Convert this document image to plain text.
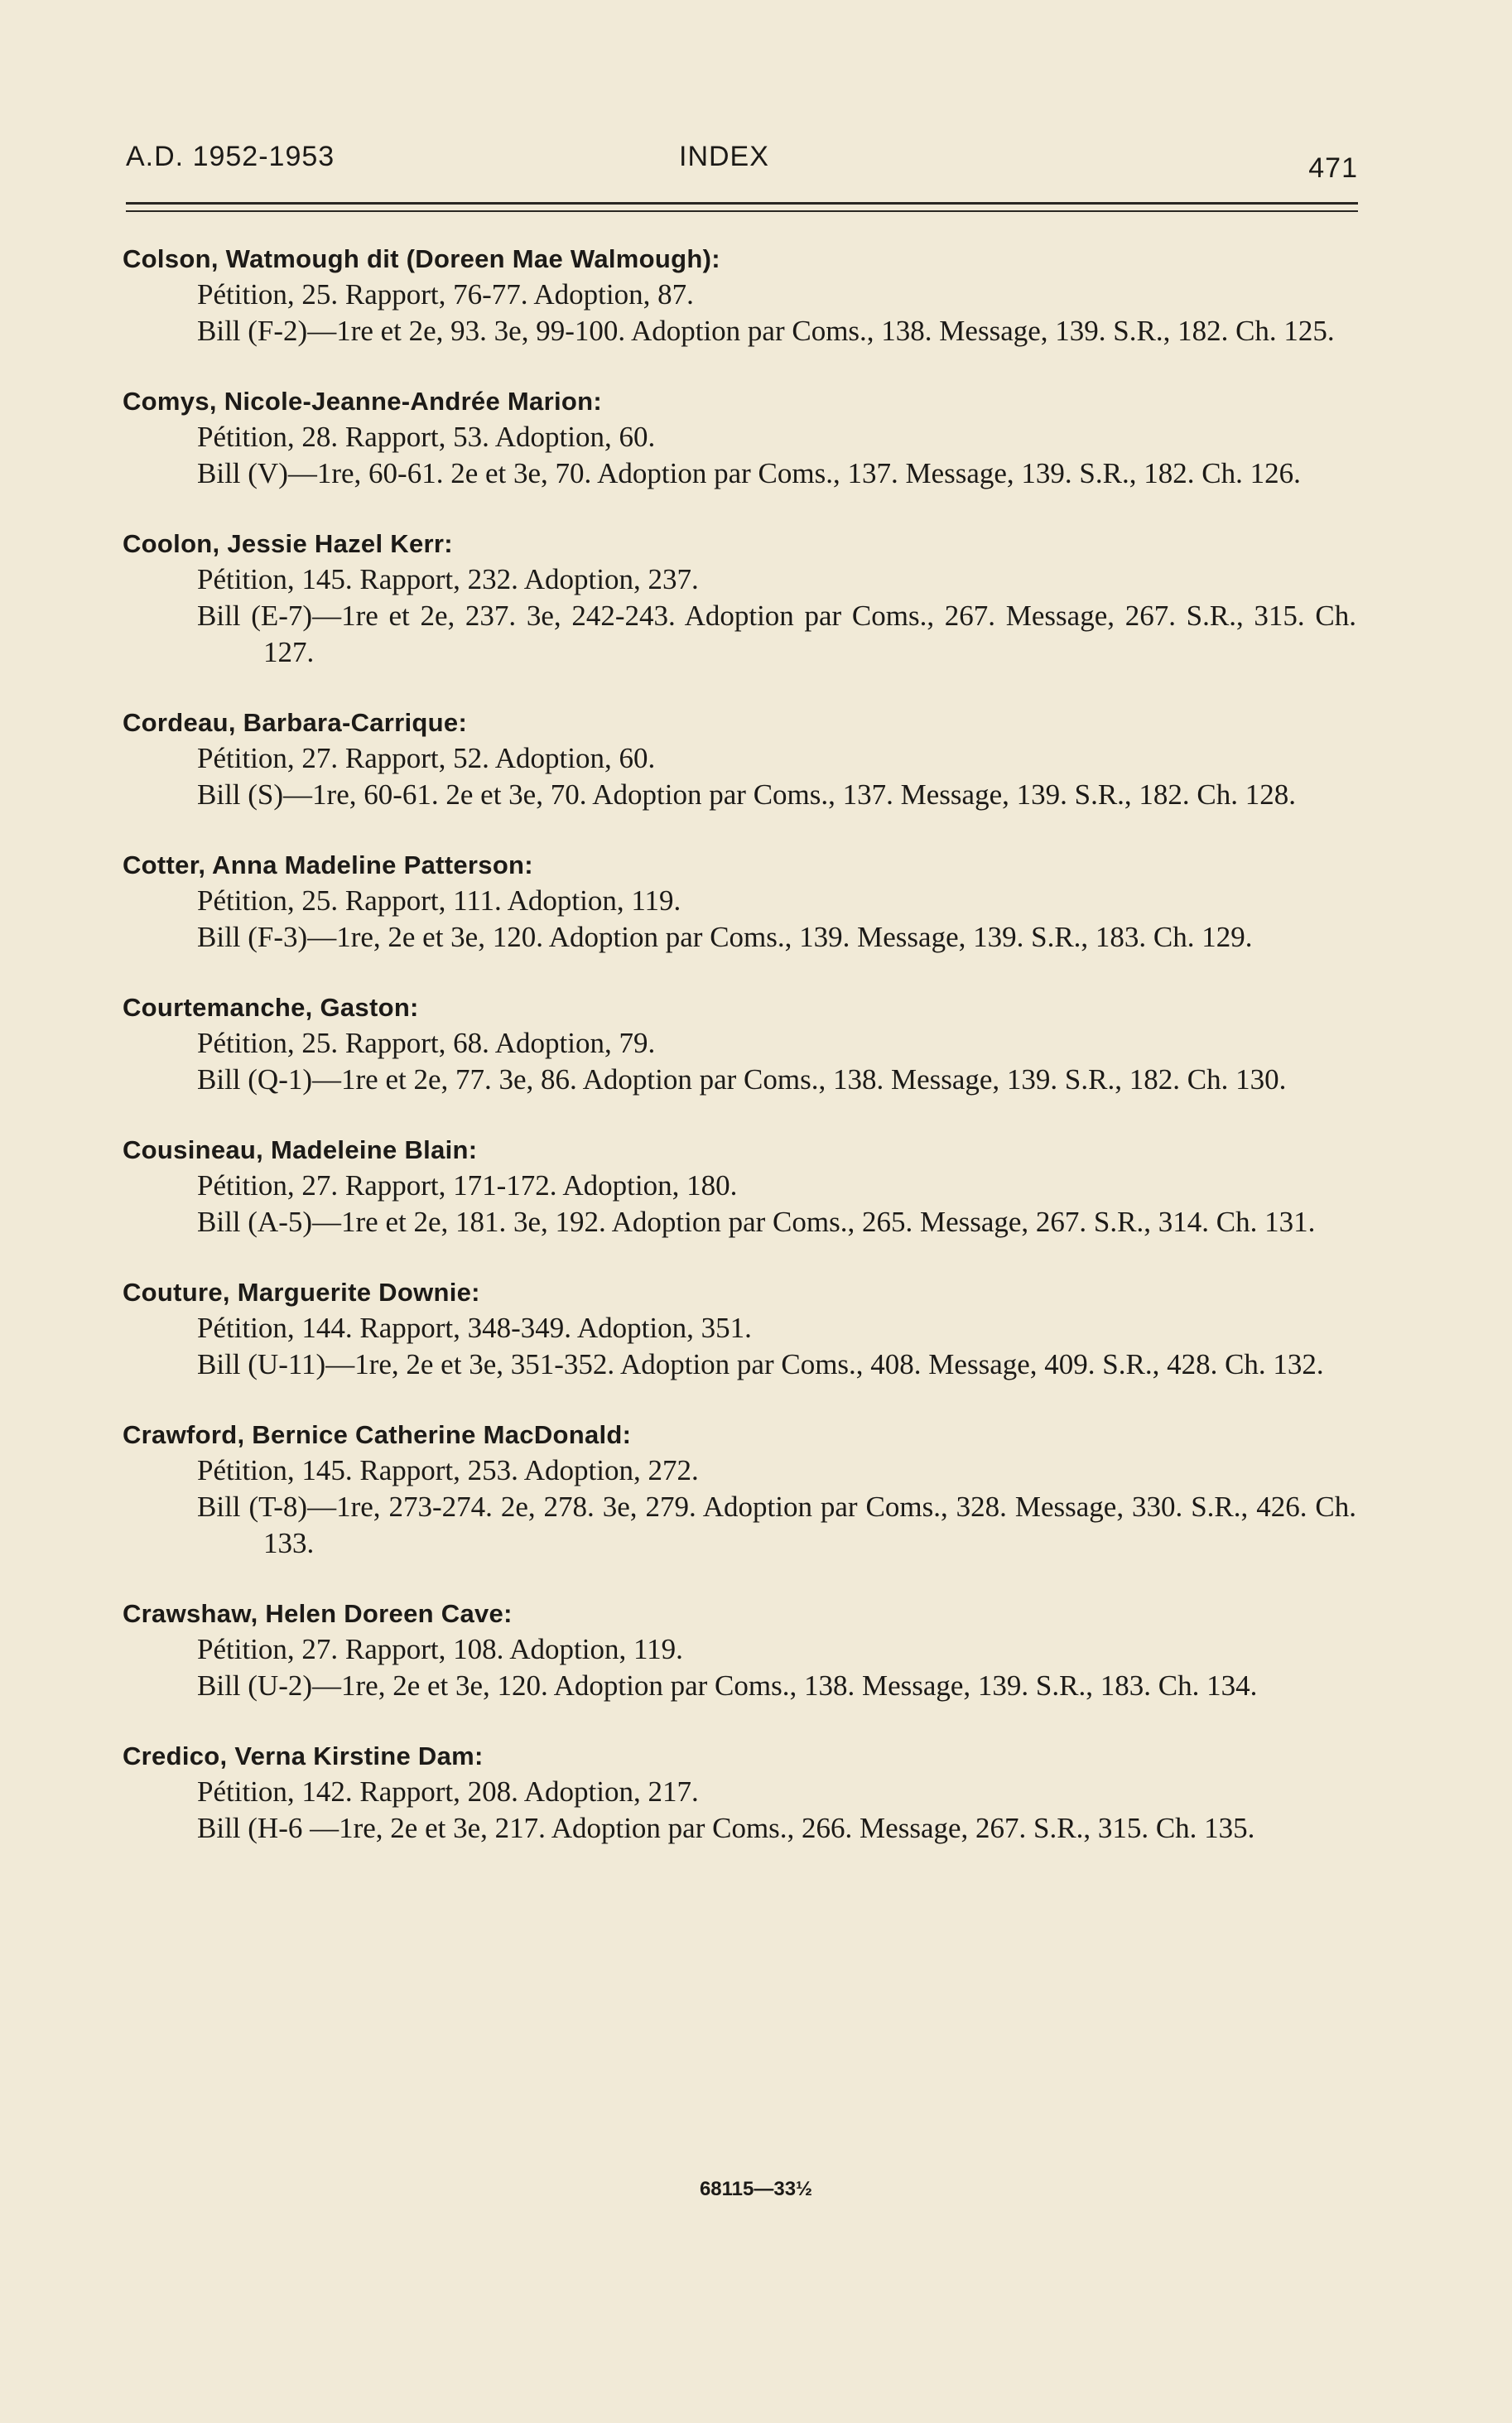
A.D. 1952-1953	INDEX	471
Colson, Watmough dit (Doreen Mae Walmough):
Pétition, 25. Rapport, 76-77. Adoption, 87.
Bill (F-2)—1re et 2e, 93. 3e, 99-100. Adoption par Coms., 138. Message, 139. S.R., 182. Ch. 125.
Comys, Nicole-Jeanne-Andrée Marion:
Pétition, 28. Rapport, 53. Adoption, 60.
Bill (V)—1re, 60-61. 2e et 3e, 70. Adoption par Coms., 137. Message, 139. S.R., 182. Ch. 126.
Coolon, Jessie Hazel Kerr:
Pétition, 145. Rapport, 232. Adoption, 237.
Bill (E-7)—1re et 2e, 237. 3e, 242-243. Adoption par Coms., 267. Message, 267. S.R., 315. Ch. 127.
Cordeau, Barbara-Carrique:
Pétition, 27. Rapport, 52. Adoption, 60.
Bill (S)—1re, 60-61. 2e et 3e, 70. Adoption par Coms., 137. Message, 139. S.R., 182. Ch. 128.
Cotter, Anna Madeline Patterson:
Pétition, 25. Rapport, 111. Adoption, 119.
Bill (F-3)—1re, 2e et 3e, 120. Adoption par Coms., 139. Message, 139. S.R., 183. Ch. 129.
Courtemanche, Gaston:
Pétition, 25. Rapport, 68. Adoption, 79.
Bill (Q-1)—1re et 2e, 77. 3e, 86. Adoption par Coms., 138. Message, 139. S.R., 182. Ch. 130.
Cousineau, Madeleine Blain:
Pétition, 27. Rapport, 171-172. Adoption, 180.
Bill (A-5)—1re et 2e, 181. 3e, 192. Adoption par Coms., 265. Message, 267. S.R., 314. Ch. 131.
Couture, Marguerite Downie:
Pétition, 144. Rapport, 348-349. Adoption, 351.
Bill (U-11)—1re, 2e et 3e, 351-352. Adoption par Coms., 408. Message, 409. S.R., 428. Ch. 132.
Crawford, Bernice Catherine MacDonald:
Pétition, 145. Rapport, 253. Adoption, 272.
Bill (T-8)—1re, 273-274. 2e, 278. 3e, 279. Adoption par Coms., 328. Message, 330. S.R., 426. Ch. 133.
Crawshaw, Helen Doreen Cave:
Pétition, 27. Rapport, 108. Adoption, 119.
Bill (U-2)—1re, 2e et 3e, 120. Adoption par Coms., 138. Message, 139. S.R., 183. Ch. 134.
Credico, Verna Kirstine Dam:
Pétition, 142. Rapport, 208. Adoption, 217.
Bill (H-6 —1re, 2e et 3e, 217. Adoption par Coms., 266. Message, 267. S.R., 315. Ch. 135.
68115—33½
